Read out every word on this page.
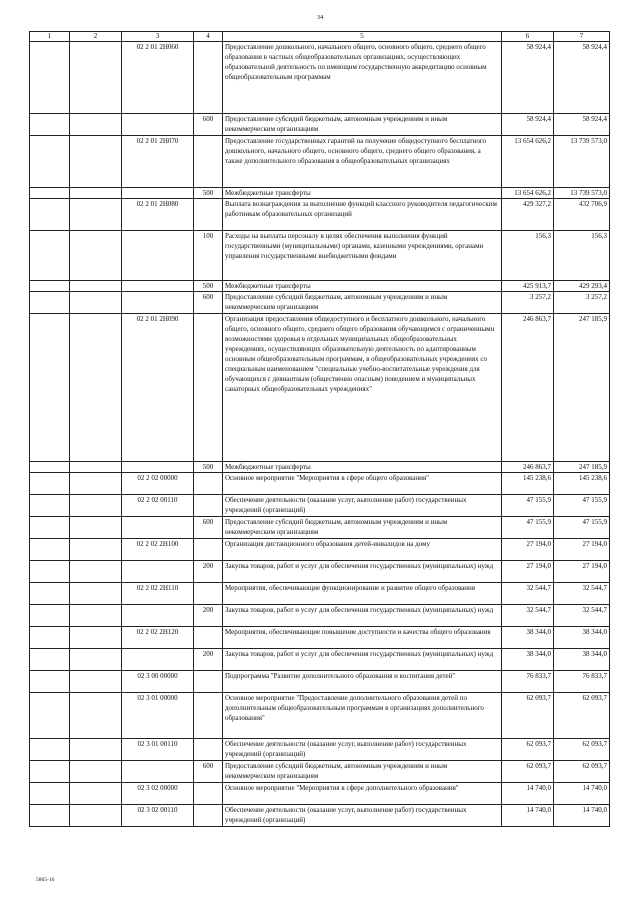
34
1	2	3	4	5	6	7
		02 2 01 2Н060		Предоставление дошкольного, начального общего, основного общего, среднего общего образования в частных общеобразовательных организациях, осуществляющих образовательной деятельность по имеющим государственную аккредитацию основным общеобразовательным программам	58 924,4	58 924,4
			600	Предоставление субсидий бюджетным, автономным учреждениям и иным некоммерческим организациям	58 924,4	58 924,4
		02 2 01 2Н070		Предоставление государственных гарантий на получение общедоступного бесплатного дошкольного, начального общего, основного общего, среднего общего образования, а также дополнительного образования в общеобразовательных организациях	13 654 626,2	13 739 573,0
			500	Межбюджетные трансферты	13 654 626,2	13 739 573,0
		02 2 01 2Н080		Выплата вознаграждения за выполнение функций классного руководителя педагогическим работникам образовательных организаций	429 327,2	432 706,9
			100	Расходы на выплаты персоналу в целях обеспечения выполнения функций государственными (муниципальными) органами, казенными учреждениями, органами управления государственными внебюджетными фондами	156,3	156,3
			500	Межбюджетные трансферты	425 913,7	429 293,4
			600	Предоставление субсидий бюджетным, автономным учреждениям и иным некоммерческим организациям	3 257,2	3 257,2
		02 2 01 2Н090		Организация предоставления общедоступного и бесплатного дошкольного, начального общего, основного общего, среднего общего образования обучающимся с ограниченными возможностями здоровья в отдельных муниципальных общеобразовательных учреждениях, осуществляющих образовательную деятельность по адаптированным основным общеобразовательным программам, в общеобразовательных учреждениях со специальным наименованием "специальные учебно-воспитательные учреждения для обучающихся с девиантным (общественно опасным) поведением и муниципальных санаторных общеобразовательных учреждениях"	246 863,7	247 185,9
			500	Межбюджетные трансферты	246 863,7	247 185,9
		02 2 02 00000		Основное мероприятие "Мероприятия в сфере общего образования"	145 238,6	145 238,6
		02 2 02 00110		Обеспечение деятельности (оказание услуг, выполнение работ) государственных учреждений (организаций)	47 155,9	47 155,9
			600	Предоставление субсидий бюджетным, автономным учреждениям и иным некоммерческим организациям	47 155,9	47 155,9
		02 2 02 2Н100		Организация дистанционного образования детей-инвалидов на дому	27 194,0	27 194,0
			200	Закупка товаров, работ и услуг для обеспечения государственных (муниципальных) нужд	27 194,0	27 194,0
		02 2 02 2Н110		Мероприятия, обеспечивающие функционирование и развитие общего образования	32 544,7	32 544,7
			200	Закупка товаров, работ и услуг для обеспечения государственных (муниципальных) нужд	32 544,7	32 544,7
		02 2 02 2Н120		Мероприятия, обеспечивающие повышение доступности и качества общего образования	38 344,0	38 344,0
			200	Закупка товаров, работ и услуг для обеспечения государственных (муниципальных) нужд	38 344,0	38 344,0
		02 3 00 00000		Подпрограмма "Развитие дополнительного образования и воспитания детей"	76 833,7	76 833,7
		02 3 01 00000		Основное мероприятие "Предоставление дополнительного образования детей по дополнительным общеобразовательным программам в организациях дополнительного образования"	62 093,7	62 093,7
		02 3 01 00110		Обеспечение деятельности (оказание услуг, выполнение работ) государственных учреждений (организаций)	62 093,7	62 093,7
			600	Предоставление субсидий бюджетным, автономным учреждениям и иным некоммерческим организациям	62 093,7	62 093,7
		02 3 02 00000		Основное мероприятие "Мероприятия в сфере дополнительного образования"	14 740,0	14 740,0
		02 3 02 00110		Обеспечение деятельности (оказание услуг, выполнение работ) государственных учреждений (организаций)	14 740,0	14 740,0
5865-16
